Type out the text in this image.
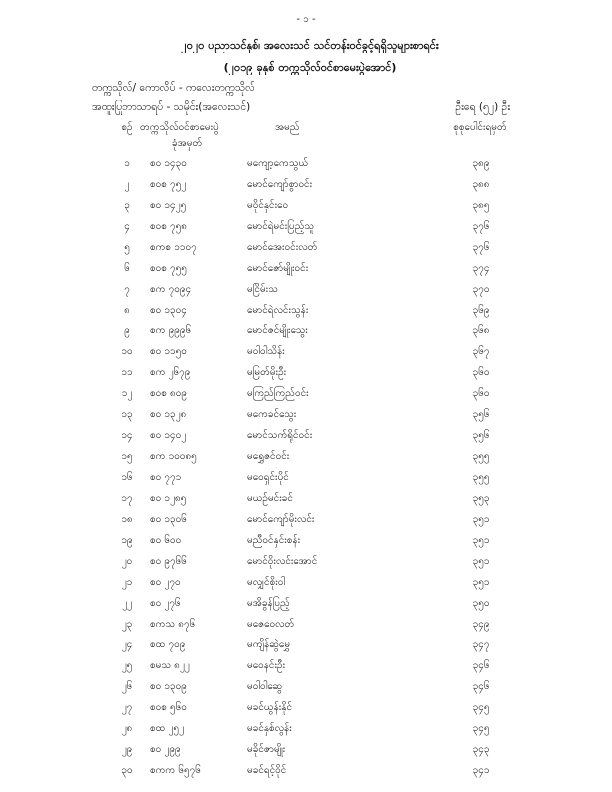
- ၁ -
၂၀၂၀ ပညာသင်နှစ်၊ အလေးသင် သင်တန်းဝင်ခွင့်ရရှိသူများစာရင်း
(၂၀၁၉ ခုနှစ် တက္ကသိုလ်ဝင်စာမေးပွဲအောင်)
တက္ကသိုလ်/ ကောလိပ် - ကလေးတက္ကသိုလ်
အထူးပြုဘာသာရပ် - သမိုင်း(အလေးသင်)	ဦးရေ (၅၂) ဦး
စဉ် တက္ကသိုလ်ဝင်စာမေးပွဲ
ခုံအမှတ်
အမည်	စုစုပေါင်းရမှတ်
၁	စဝ ၁၄၃၀	မကျော့ကေသွယ်	၃၈၉
၂	စဝစ ၇၅၂	မောင်ကျော်စွာဝင်း	၃၈၈
၃	စဝ ၁၄၂၅	မဝိုင်နှင်းဝေ	၃၈၅
၄	စဝစ ၇၅၈	မောင်ရဲမင်းပြည့်သူ	၃၇၆
၅	စကစ ၁၁၀၇	မောင်အေးဝင်းလတ်	၃၇၆
၆	စဝစ ၇၅၅	မောင်ဇော်မျိုးဝင်း	၃၇၄
၇	စက ၇၀၉၄	မငြိမ်းသ	၃၇၀
၈	စဝ ၁၃၀၄	မောင်ရဲလင်းသွန်း	၃၆၉
၉	စက ၉၉၉၆	မောင်ဇင်မျိုးသွေး	၃၆၈
၁၀	စဝ ၁၁၅၀	မဝါဝါသိန်း	၃၆၇
၁၁	စက ၂၆၇၉	မမြတ်မိုးဦး	၃၆၀
၁၂	စဝစ ၈၀၉	မကြည်ကြည်ဝင်း	၃၆၀
၁၃	စဝ ၁၃၂၈	မကေခင်သွေး	၃၅၆
၁၄	စဝ ၁၄၀၂	မောင်သက်ရိုင်ဝင်း	၃၅၆
၁၅	စက ၁၀၀၈၅	မရွှေဇင်ဝင်း	၃၅၅
၁၆	စဝ ၇၇၁	မဝေရှင်းပိုင်	၃၅၅
၁၇	စဝ ၁၂၈၅	မယဉ်မင်းခင်	၃၅၃
၁၈	စဝ ၁၃၀၆	မောင်ကျော်မိုးလင်း	၃၅၁
၁၉	စဝ ၆၀၀	မညီဝင်နှင်းစန်း	၃၅၁
၂၀	စဝ ၉၇၆၆	မောင်ဝိုးလင်းအောင်	၃၅၁
၂၁	စဝ ၂၇၀	မလျှင်စိုးဝါ	၃၅၁
၂၂	စဝ ၂၇၆	မအိခွန်ပြည့်	၃၅၀
၂၃	စကသ ၈၇၆	မဇေဝေလတ်	၃၄၉
၂၄	စထ ၇၀၉	မကျိန်ဆွဲမွှေ	၃၄၇
၂၅	စမသ ၈၂၂	မဝေနင်းဦး	၃၄၆
၂၆	စဝ ၁၃၀၉	မဝါဝါဆွေ	၃၄၆
၂၇	စဝစ ၅၆၀	မခင်ယွန်းနိုင်	၃၄၅
၂၈	စထ ၂၅၂	မခင်နှစ်လွန်း	၃၄၅
၂၉	စဝ ၂၉၉	မခိုင်ဇာမျိုး	၃၄၃
၃၀	စကက ၆၅၇၆	မခင်ရင့်ဝိုင်	၃၄၁
